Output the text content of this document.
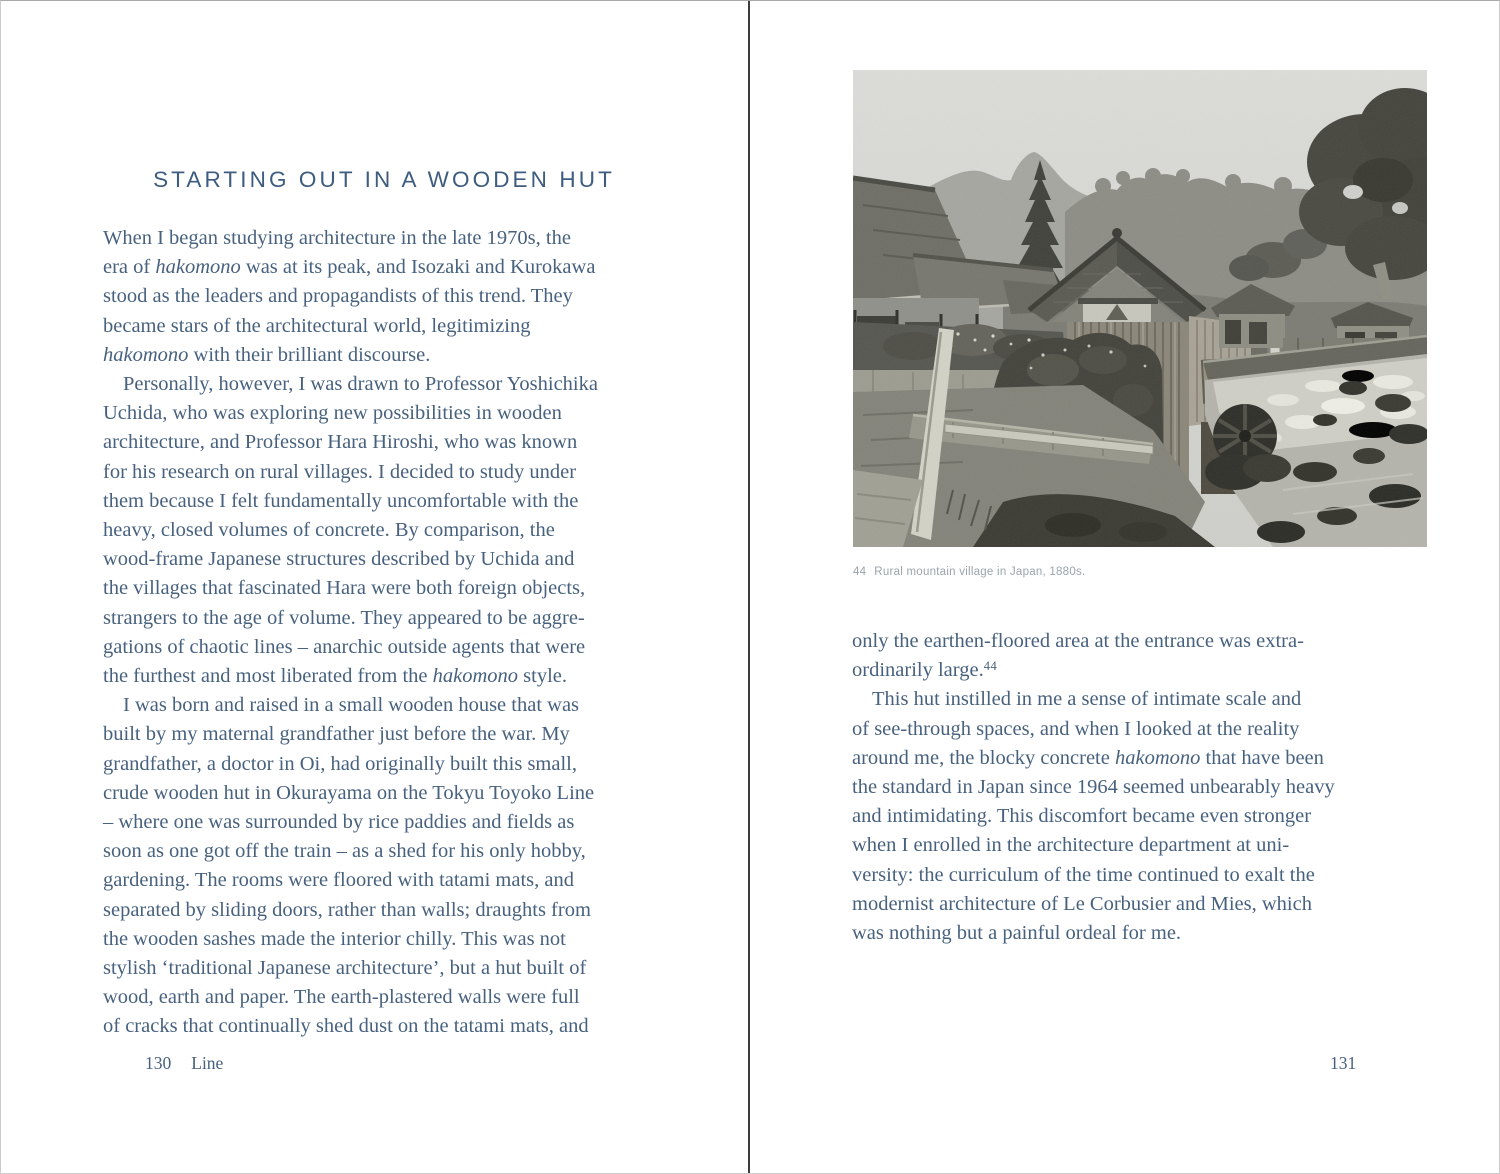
STARTING OUT IN A WOODEN HUT
When I began studying architecture in the late 1970s, the
era of hakomono was at its peak, and Isozaki and Kurokawa
stood as the leaders and propagandists of this trend. They
became stars of the architectural world, legitimizing
hakomono with their brilliant discourse.
Personally, however, I was drawn to Professor Yoshichika
Uchida, who was exploring new possibilities in wooden
architecture, and Professor Hara Hiroshi, who was known
for his research on rural villages. I decided to study under
them because I felt fundamentally uncomfortable with the
heavy, closed volumes of concrete. By comparison, the
wood-frame Japanese structures described by Uchida and
the villages that fascinated Hara were both foreign objects,
strangers to the age of volume. They appeared to be aggre-
gations of chaotic lines – anarchic outside agents that were
the furthest and most liberated from the hakomono style.
I was born and raised in a small wooden house that was
built by my maternal grandfather just before the war. My
grandfather, a doctor in Oi, had originally built this small,
crude wooden hut in Okurayama on the Tokyu Toyoko Line
– where one was surrounded by rice paddies and fields as
soon as one got off the train – as a shed for his only hobby,
gardening. The rooms were floored with tatami mats, and
separated by sliding doors, rather than walls; draughts from
the wooden sashes made the interior chilly. This was not
stylish ‘traditional Japanese architecture’, but a hut built of
wood, earth and paper. The earth-plastered walls were full
of cracks that continually shed dust on the tatami mats, and
130 Line
44 Rural mountain village in Japan, 1880s.
only the earthen-floored area at the entrance was extra-
ordinarily large.$^{44}$
This hut instilled in me a sense of intimate scale and
of see-through spaces, and when I looked at the reality
around me, the blocky concrete hakomono that have been
the standard in Japan since 1964 seemed unbearably heavy
and intimidating. This discomfort became even stronger
when I enrolled in the architecture department at uni-
versity: the curriculum of the time continued to exalt the
modernist architecture of Le Corbusier and Mies, which
was nothing but a painful ordeal for me.
131
